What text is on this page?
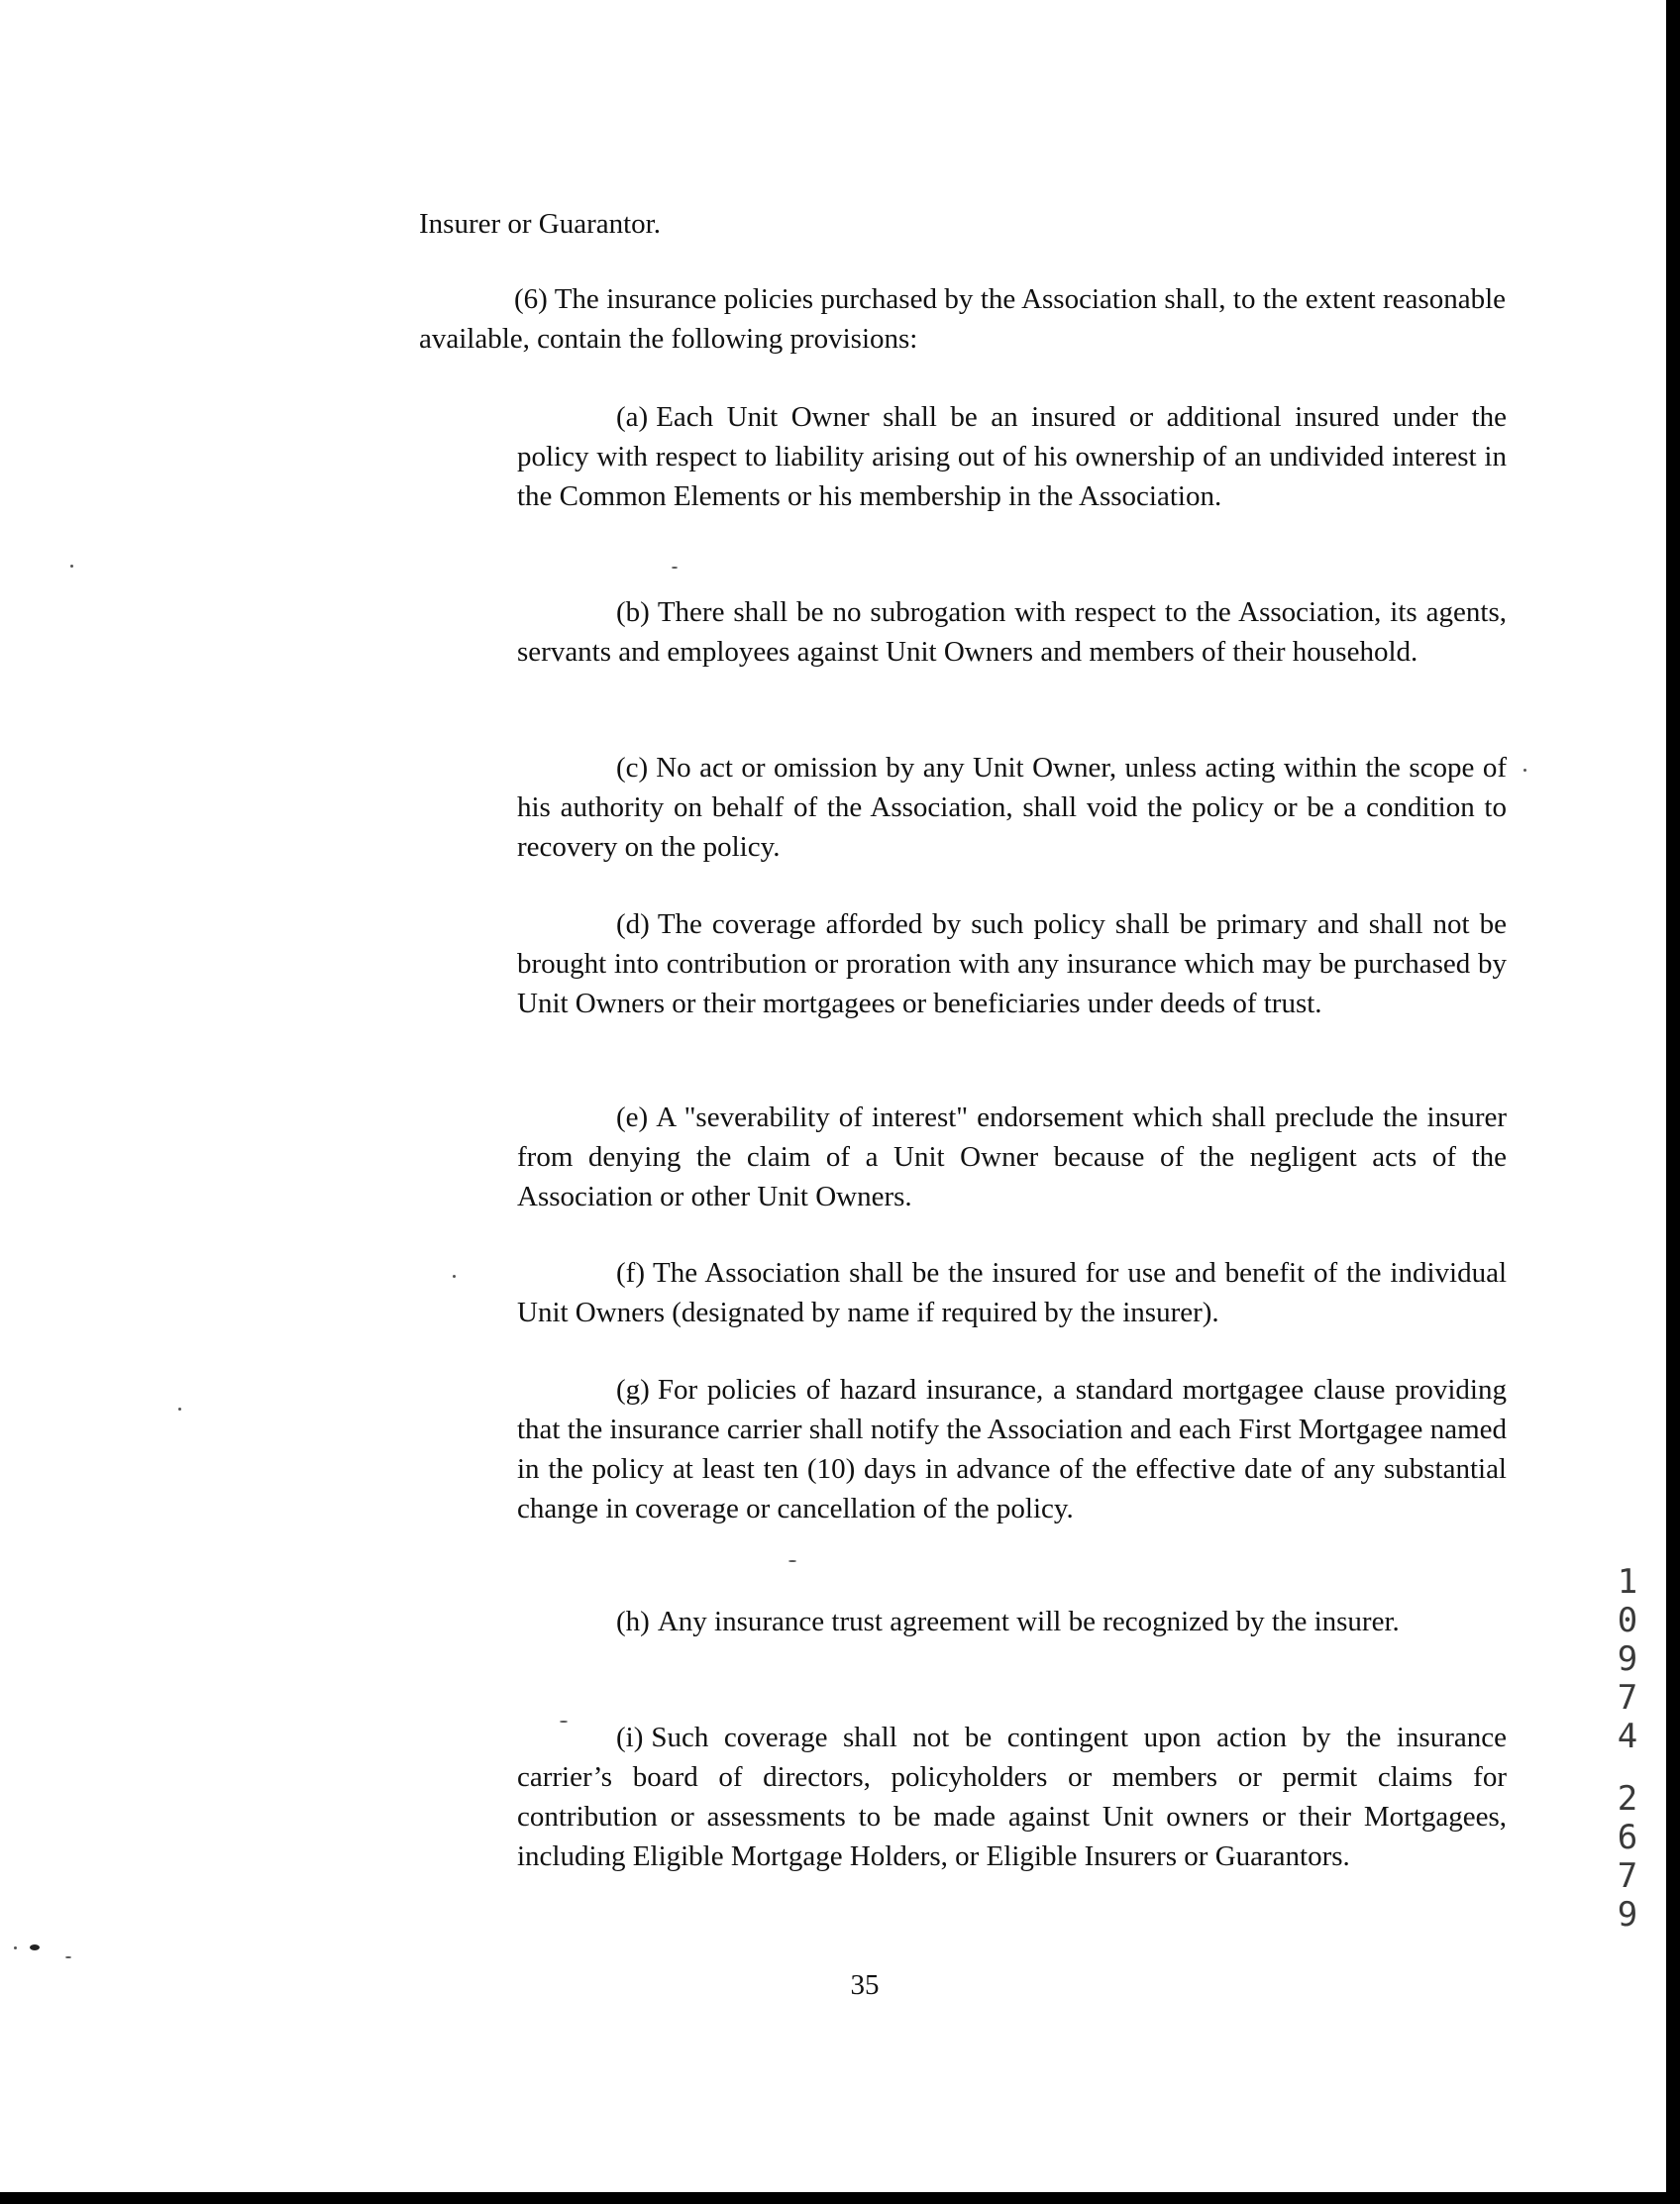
Insurer or Guarantor.

(6) The insurance policies purchased by the Association shall, to the extent reasonable available, contain the following provisions:

(a) Each Unit Owner shall be an insured or additional insured under the policy with respect to liability arising out of his ownership of an undivided interest in the Common Elements or his membership in the Association.

(b) There shall be no subrogation with respect to the Association, its agents, servants and employees against Unit Owners and members of their household.

(c) No act or omission by any Unit Owner, unless acting within the scope of his authority on behalf of the Association, shall void the policy or be a condition to recovery on the policy.

(d) The coverage afforded by such policy shall be primary and shall not be brought into contribution or proration with any insurance which may be purchased by Unit Owners or their mortgagees or beneficiaries under deeds of trust.

(e) A "severability of interest" endorsement which shall preclude the insurer from denying the claim of a Unit Owner because of the negligent acts of the Association or other Unit Owners.

(f) The Association shall be the insured for use and benefit of the individual Unit Owners (designated by name if required by the insurer).

(g) For policies of hazard insurance, a standard mortgagee clause providing that the insurance carrier shall notify the Association and each First Mortgagee named in the policy at least ten (10) days in advance of the effective date of any substantial change in coverage or cancellation of the policy.

(h) Any insurance trust agreement will be recognized by the insurer.

(i) Such coverage shall not be contingent upon action by the insurance carrier’s board of directors, policyholders or members or permit claims for contribution or assessments to be made against Unit owners or their Mortgagees, including Eligible Mortgage Holders, or Eligible Insurers or Guarantors.

35
1
0
9
7
4
2
6
7
9
